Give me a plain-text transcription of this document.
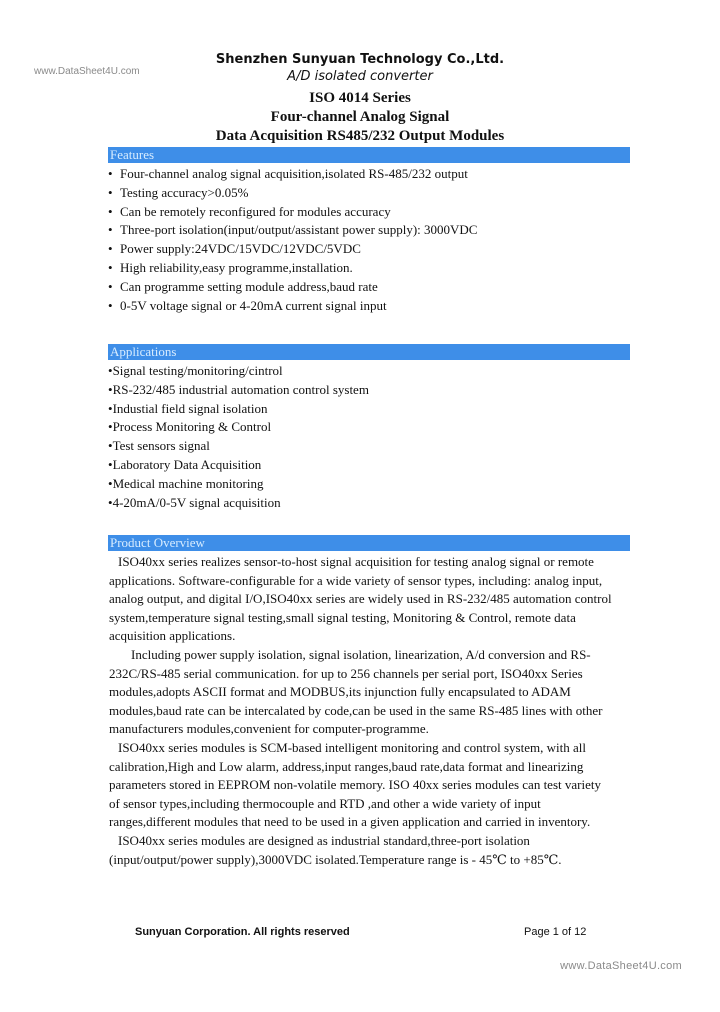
www.DataSheet4U.com
Shenzhen Sunyuan Technology Co.,Ltd.
A/D isolated converter
ISO 4014 Series
Four-channel Analog Signal
Data Acquisition RS485/232 Output Modules
Features
• Four-channel analog signal acquisition,isolated RS-485/232 output
• Testing accuracy>0.05%
• Can be remotely reconfigured for modules accuracy
• Three-port isolation(input/output/assistant power supply): 3000VDC
• Power supply:24VDC/15VDC/12VDC/5VDC
• High reliability,easy programme,installation.
• Can programme setting module address,baud rate
• 0-5V voltage signal or 4-20mA current signal input
Applications
•Signal testing/monitoring/cintrol
•RS-232/485 industrial automation control system
•Industial field signal isolation
•Process Monitoring & Control
•Test sensors signal
•Laboratory Data Acquisition
•Medical machine monitoring
•4-20mA/0-5V signal acquisition
Product Overview

ISO40xx series realizes sensor-to-host signal acquisition for testing analog signal or remote applications. Software-configurable for a wide variety of sensor types, including: analog input, analog output, and digital I/O,ISO40xx series are widely used in RS-232/485 automation control system,temperature signal testing,small signal testing, Monitoring & Control, remote data acquisition applications.

Including power supply isolation, signal isolation, linearization, A/d conversion and RS-232C/RS-485 serial communication. for up to 256 channels per serial port, ISO40xx Series modules,adopts ASCII format and MODBUS,its injunction fully encapsulated to ADAM modules,baud rate can be intercalated by code,can be used in the same RS-485 lines with other manufacturers modules,convenient for computer-programme.

ISO40xx series modules is SCM-based intelligent monitoring and control system, with all calibration,High and Low alarm, address,input ranges,baud rate,data format and linearizing parameters stored in EEPROM non-volatile memory. ISO 40xx series modules can test variety of sensor types,including thermocouple and RTD ,and other a wide variety of input ranges,different modules that need to be used in a given application and carried in inventory.

ISO40xx series modules are designed as industrial standard,three-port isolation (input/output/power supply),3000VDC isolated.Temperature range is - 45℃ to +85℃.

Sunyuan Corporation. All rights reserved	Page 1 of 12
www.DataSheet4U.com
